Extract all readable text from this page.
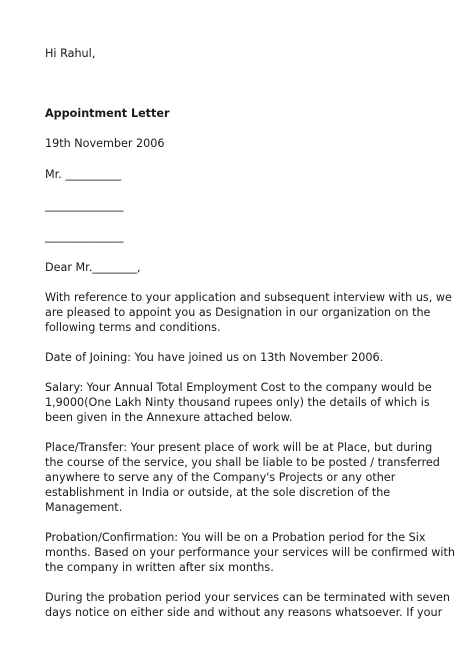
Hi Rahul,
Appointment Letter
19th November 2006
Mr. __________
______________
______________
Dear Mr.________,
With reference to your application and subsequent interview with us, we
are pleased to appoint you as Designation in our organization on the
following terms and conditions.
Date of Joining: You have joined us on 13th November 2006.
Salary: Your Annual Total Employment Cost to the company would be
1,9000(One Lakh Ninty thousand rupees only) the details of which is
been given in the Annexure attached below.
Place/Transfer: Your present place of work will be at Place, but during
the course of the service, you shall be liable to be posted / transferred
anywhere to serve any of the Company's Projects or any other
establishment in India or outside, at the sole discretion of the
Management.
Probation/Confirmation: You will be on a Probation period for the Six
months. Based on your performance your services will be confirmed with
the company in written after six months.
During the probation period your services can be terminated with seven
days notice on either side and without any reasons whatsoever. If your
